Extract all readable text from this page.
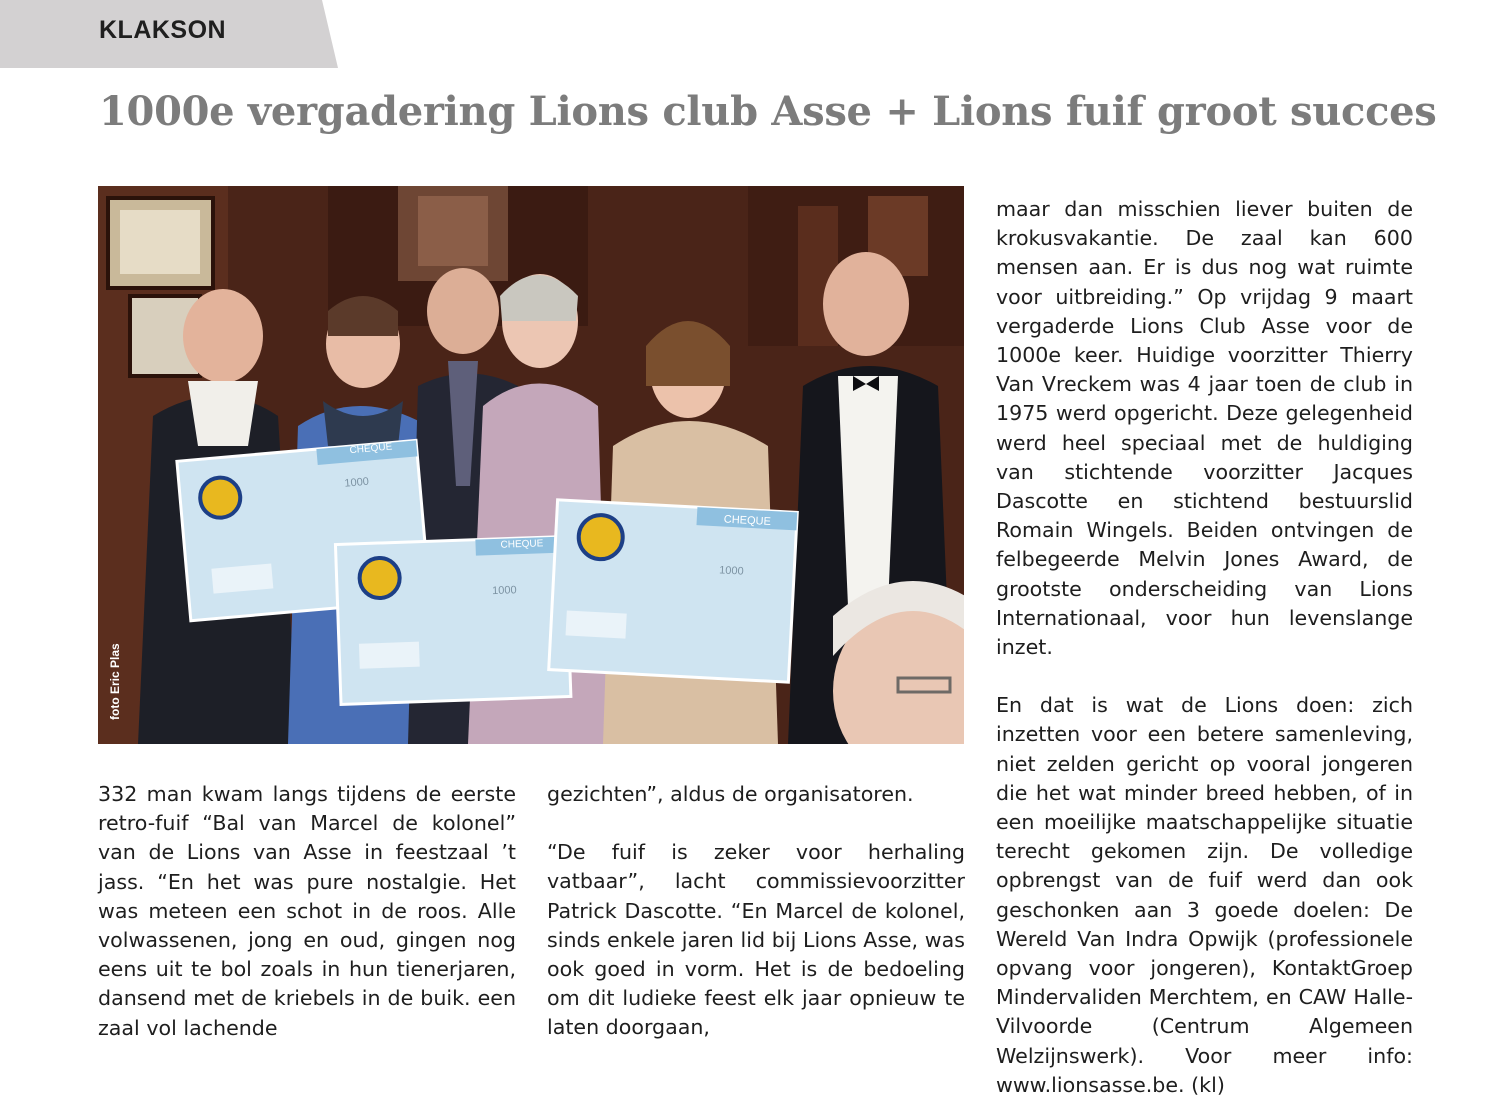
KLAKSON
1000e vergadering Lions club Asse + Lions fuif groot succes
CHEQUE
1000
CHEQUE
1000
CHEQUE
1000
foto Eric Plas

332 man kwam langs tijdens de eerste retro-fuif “Bal van Marcel de kolonel” van de Lions van Asse in feestzaal ’t jass. “En het was pure nostalgie. Het was meteen een schot in de roos. Alle volwassenen, jong en oud, gingen nog eens uit te bol zoals in hun tienerjaren, dansend met de kriebels in de buik. een zaal vol lachende

gezichten”, aldus de organisatoren.

“De fuif is zeker voor herhaling vatbaar”, lacht commissievoorzitter Patrick Dascotte. “En Marcel de kolonel, sinds enkele jaren lid bij Lions Asse, was ook goed in vorm. Het is de bedoeling om dit ludieke feest elk jaar opnieuw te laten doorgaan,

maar dan misschien liever buiten de krokusvakantie. De zaal kan 600 mensen aan. Er is dus nog wat ruimte voor uitbreiding.” Op vrijdag 9 maart vergaderde Lions Club Asse voor de 1000e keer. Huidige voorzitter Thierry Van Vreckem was 4 jaar toen de club in 1975 werd opgericht. Deze gelegenheid werd heel speciaal met de huldiging van stichtende voorzitter Jacques Dascotte en stichtend bestuurslid Romain Wingels. Beiden ontvingen de felbegeerde Melvin Jones Award, de grootste onderscheiding van Lions Internationaal, voor hun levenslange inzet.

En dat is wat de Lions doen: zich inzetten voor een betere samenleving, niet zelden gericht op vooral jongeren die het wat minder breed hebben, of in een moeilijke maatschappelijke situatie terecht gekomen zijn. De volledige opbrengst van de fuif werd dan ook geschonken aan 3 goede doelen: De Wereld Van Indra Opwijk (professionele opvang voor jongeren), KontaktGroep Mindervaliden Merchtem, en CAW Halle-Vilvoorde (Centrum Algemeen Welzijnswerk). Voor meer info: www.lionsasse.be. (kl)
